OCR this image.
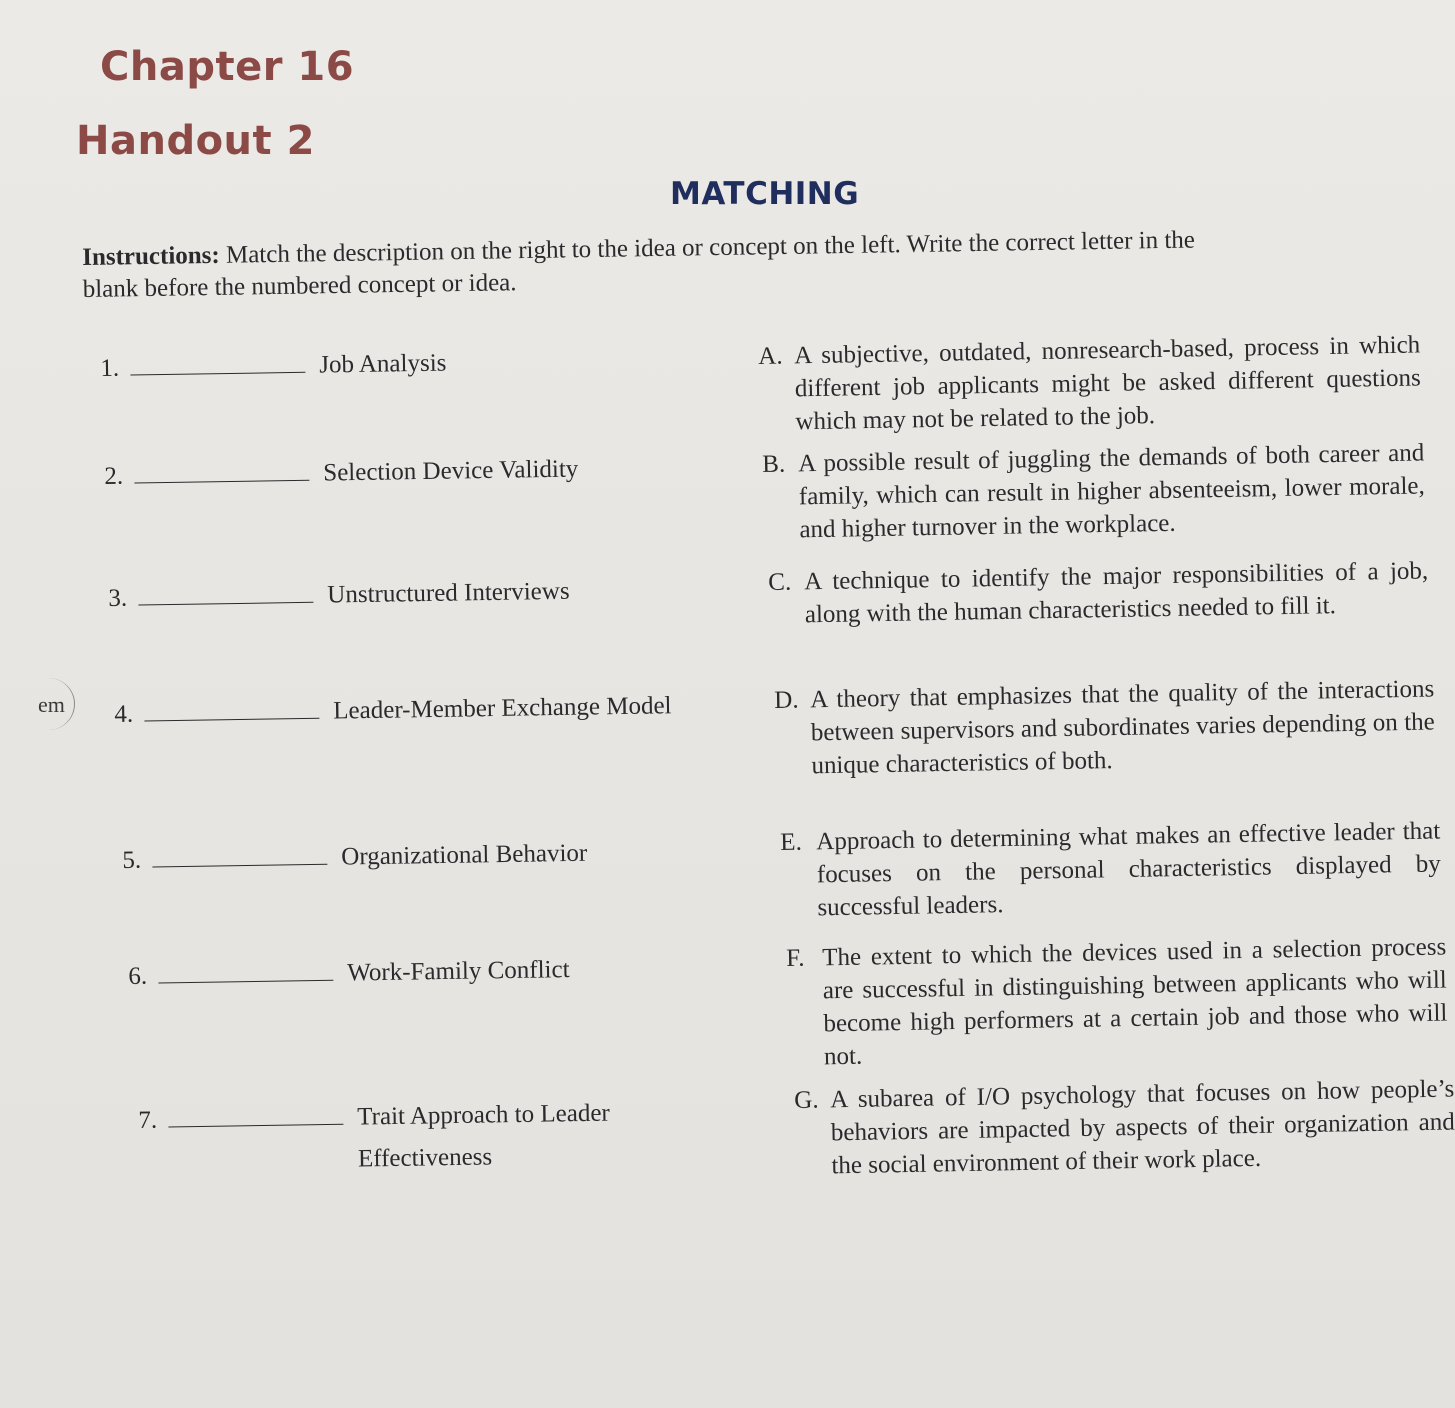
Chapter 16
Handout 2
MATCHING
Instructions: Match the description on the right to the idea or concept on the left. Write the correct letter in the blank before the numbered concept or idea.
em
1.	Job Analysis
2.	Selection Device Validity
3.	Unstructured Interviews
4.	Leader-Member Exchange Model
5.	Organizational Behavior
6.	Work-Family Conflict
7.	Trait Approach to Leader Effectiveness
A. A subjective, outdated, nonresearch-based, process in which different job applicants might be asked different questions which may not be related to the job.
B. A possible result of juggling the demands of both career and family, which can result in higher absenteeism, lower morale, and higher turnover in the workplace.
C. A technique to identify the major responsibilities of a job, along with the human characteristics needed to fill it.
D. A theory that emphasizes that the quality of the interactions between supervisors and subordinates varies depending on the unique characteristics of both.
E. Approach to determining what makes an effective leader that focuses on the personal characteristics displayed by successful leaders.
F. The extent to which the devices used in a selection process are successful in distinguishing between applicants who will become high performers at a certain job and those who will not.
G. A subarea of I/O psychology that focuses on how people’s behaviors are impacted by aspects of their organization and the social environment of their work place.
